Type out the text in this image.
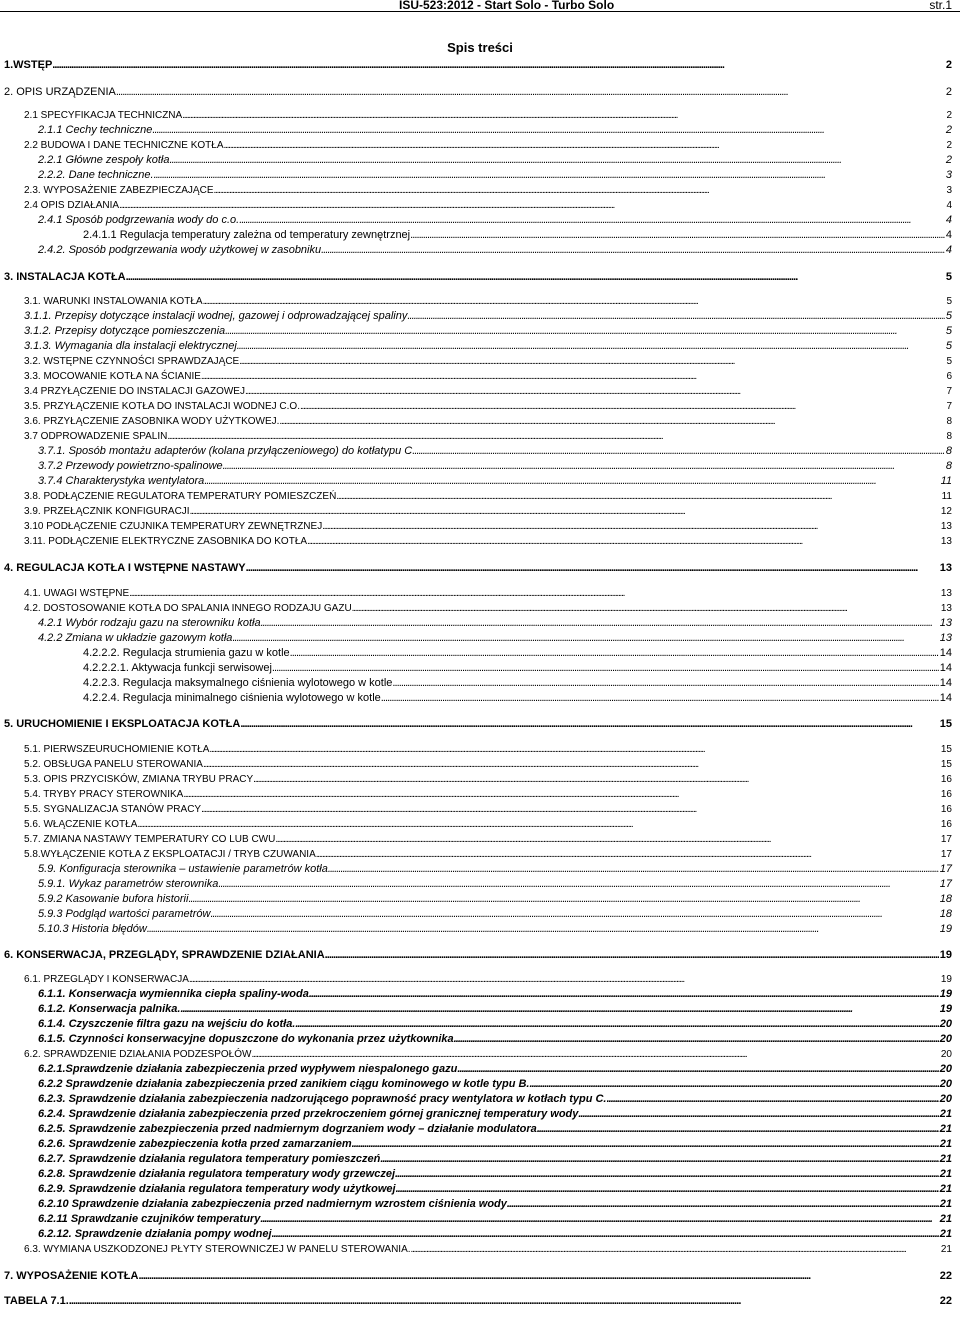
ISU-523:2012 - Start Solo - Turbo Solo	str.1
Spis treści
1.WSTĘP . . .	2
2. OPIS URZĄDZENIA . . .	2
2.1 SPECYFIKACJA TECHNICZNA . . .	2
2.1.1 Cechy techniczne . . .	2
2.2 BUDOWA I DANE TECHNICZNE KOTŁA . . .	2
2.2.1 Główne zespoły kotła . . .	2
2.2.2. Dane techniczne. . . .	3
2.3. WYPOSAŻENIE ZABEZPIECZAJĄCE . . .	3
2.4 OPIS DZIAŁANIA . . .	4
2.4.1 Sposób podgrzewania wody do c.o. . . .	4
2.4.1.1 Regulacja temperatury zależna od temperatury zewnętrznej . . .	4
2.4.2. Sposób podgrzewania wody użytkowej w zasobniku . . .	4
3. INSTALACJA KOTŁA . . .	5
3.1. WARUNKI INSTALOWANIA KOTŁA . . .	5
3.1.1. Przepisy dotyczące instalacji wodnej, gazowej i odprowadzającej spaliny . . .	5
3.1.2. Przepisy dotyczące pomieszczenia . . .	5
3.1.3. Wymagania dla instalacji elektrycznej . . .	5
3.2. WSTĘPNE CZYNNOŚCI SPRAWDZAJĄCE . . .	5
3.3. MOCOWANIE KOTŁA NA ŚCIANIE . . .	6
3.4 PRZYŁĄCZENIE DO INSTALACJI GAZOWEJ . . .	7
3.5. PRZYŁĄCZENIE KOTŁA DO INSTALACJI WODNEJ C.O. . . .	7
3.6. PRZYŁĄCZENIE ZASOBNIKA WODY UŻYTKOWEJ. . . .	8
3.7 ODPROWADZENIE SPALIN . . .	8
3.7.1. Sposób montażu adapterów (kolana przyłączeniowego) do kotłatypu C . . .	8
3.7.2 Przewody powietrzno-spalinowe . . .	8
3.7.4 Charakterystyka wentylatora . . .	11
3.8. PODŁĄCZENIE REGULATORA TEMPERATURY POMIESZCZEŃ . . .	11
3.9. PRZEŁĄCZNIK KONFIGURACJI . . .	12
3.10 PODŁĄCZENIE CZUJNIKA TEMPERATURY ZEWNĘTRZNEJ . . .	13
3.11. PODŁĄCZENIE ELEKTRYCZNE ZASOBNIKA DO KOTŁA . . .	13
4. REGULACJA KOTŁA I WSTĘPNE NASTAWY . . .	13
4.1. UWAGI WSTĘPNE . . .	13
4.2. DOSTOSOWANIE KOTŁA DO SPALANIA INNEGO RODZAJU GAZU . . .	13
4.2.1 Wybór rodzaju gazu na sterowniku kotła . . .	13
4.2.2 Zmiana w układzie gazowym kotła . . .	13
4.2.2.2. Regulacja strumienia gazu w kotle . . .	14
4.2.2.2.1. Aktywacja funkcji serwisowej . . .	14
4.2.2.3. Regulacja maksymalnego ciśnienia wylotowego w kotle . . .	14
4.2.2.4. Regulacja minimalnego ciśnienia wylotowego w kotle . . .	14
5. URUCHOMIENIE I EKSPLOATACJA KOTŁA . . .	15
5.1. PIERWSZEURUCHOMIENIE KOTŁA . . .	15
5.2. OBSŁUGA PANELU STEROWANIA . . .	15
5.3. OPIS PRZYCISKÓW, ZMIANA TRYBU PRACY . . .	16
5.4. TRYBY PRACY STEROWNIKA . . .	16
5.5. SYGNALIZACJA STANÓW PRACY . . .	16
5.6. WŁĄCZENIE KOTŁA . . .	16
5.7. ZMIANA NASTAWY TEMPERATURY CO LUB CWU . . .	17
5.8.WYŁĄCZENIE KOTŁA Z EKSPLOATACJI / TRYB CZUWANIA . . .	17
5.9. Konfiguracja sterownika – ustawienie parametrów kotła . . .	17
5.9.1. Wykaz parametrów sterownika . . .	17
5.9.2 Kasowanie bufora historii . . .	18
5.9.3 Podgląd wartości parametrów . . .	18
5.10.3 Historia błędów . . .	19
6. KONSERWACJA, PRZEGLĄDY, SPRAWDZENIE DZIAŁANIA . . .	19
6.1. PRZEGLĄDY I KONSERWACJA . . .	19
6.1.1. Konserwacja wymiennika ciepła spaliny-woda . . .	19
6.1.2. Konserwacja palnika. . . .	19
6.1.4. Czyszczenie filtra gazu na wejściu do kotła. . . .	20
6.1.5. Czynności konserwacyjne dopuszczone do wykonania przez użytkownika . . .	20
6.2. SPRAWDZENIE DZIAŁANIA PODZESPOŁÓW . . .	20
6.2.1.Sprawdzenie działania zabezpieczenia przed wypływem niespalonego gazu . . .	20
6.2.2 Sprawdzenie działania zabezpieczenia przed zanikiem ciągu kominowego w kotle typu B. . . .	20
6.2.3. Sprawdzenie działania zabezpieczenia nadzorującego poprawność pracy wentylatora w kotłach typu C. . . .	20
6.2.4. Sprawdzenie działania zabezpieczenia przed przekroczeniem górnej granicznej temperatury wody . . .	21
6.2.5. Sprawdzenie zabezpieczenia przed nadmiernym dogrzaniem wody – działanie modulatora . . .	21
6.2.6. Sprawdzenie zabezpieczenia kotła przed zamarzaniem . . .	21
6.2.7. Sprawdzenie działania regulatora temperatury pomieszczeń . . .	21
6.2.8. Sprawdzenie działania regulatora temperatury wody grzewczej . . .	21
6.2.9. Sprawdzenie działania regulatora temperatury wody użytkowej . . .	21
6.2.10 Sprawdzenie działania zabezpieczenia przed nadmiernym wzrostem ciśnienia wody . . .	21
6.2.11 Sprawdzanie czujników temperatury . . .	21
6.2.12. Sprawdzenie działania pompy wodnej . . .	21
6.3. WYMIANA USZKODZONEJ PŁYTY STEROWNICZEJ W PANELU STEROWANIA. . . .	21
7. WYPOSAŻENIE KOTŁA . . .	22
TABELA 7.1. . . .	22
